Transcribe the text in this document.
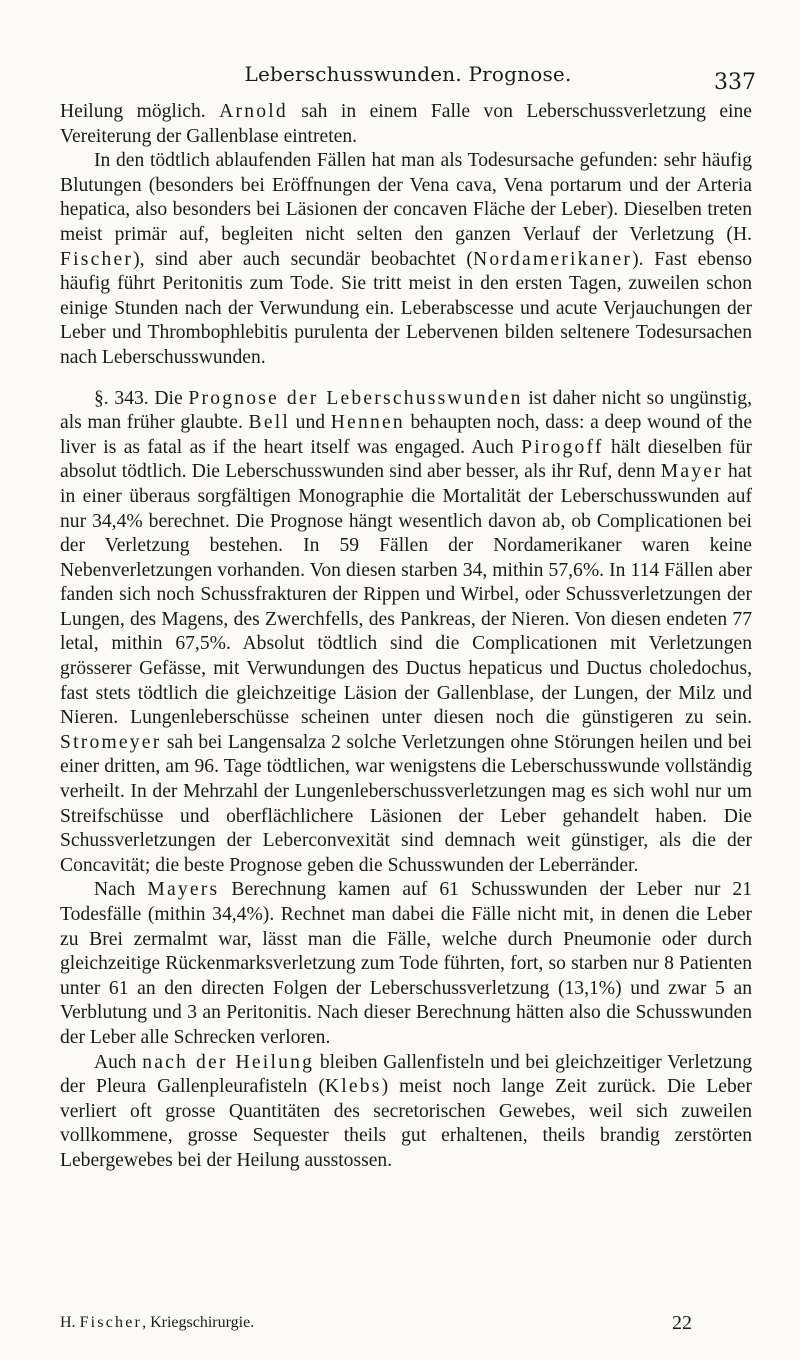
Leberschusswunden. Prognose.	337

Heilung möglich. Arnold sah in einem Falle von Leberschussverletzung eine Vereiterung der Gallenblase eintreten.

In den tödtlich ablaufenden Fällen hat man als Todesursache gefunden: sehr häufig Blutungen (besonders bei Eröffnungen der Vena cava, Vena portarum und der Arteria hepatica, also besonders bei Läsionen der concaven Fläche der Leber). Dieselben treten meist primär auf, begleiten nicht selten den ganzen Verlauf der Verletzung (H. Fischer), sind aber auch secundär beobachtet (Nordamerikaner). Fast ebenso häufig führt Peritonitis zum Tode. Sie tritt meist in den ersten Tagen, zuweilen schon einige Stunden nach der Verwundung ein. Leberabscesse und acute Verjauchungen der Leber und Thrombophlebitis purulenta der Lebervenen bilden seltenere Todesursachen nach Leberschusswunden.

§. 343. Die Prognose der Leberschusswunden ist daher nicht so ungünstig, als man früher glaubte. Bell und Hennen behaupten noch, dass: a deep wound of the liver is as fatal as if the heart itself was engaged. Auch Pirogoff hält dieselben für absolut tödtlich. Die Leberschusswunden sind aber besser, als ihr Ruf, denn Mayer hat in einer überaus sorgfältigen Monographie die Mortalität der Leberschusswunden auf nur 34,4% berechnet. Die Prognose hängt wesentlich davon ab, ob Complicationen bei der Verletzung bestehen. In 59 Fällen der Nordamerikaner waren keine Nebenverletzungen vorhanden. Von diesen starben 34, mithin 57,6%. In 114 Fällen aber fanden sich noch Schussfrakturen der Rippen und Wirbel, oder Schussverletzungen der Lungen, des Magens, des Zwerchfells, des Pankreas, der Nieren. Von diesen endeten 77 letal, mithin 67,5%. Absolut tödtlich sind die Complicationen mit Verletzungen grösserer Gefässe, mit Verwundungen des Ductus hepaticus und Ductus choledochus, fast stets tödtlich die gleichzeitige Läsion der Gallenblase, der Lungen, der Milz und Nieren. Lungenleberschüsse scheinen unter diesen noch die günstigeren zu sein. Stromeyer sah bei Langensalza 2 solche Verletzungen ohne Störungen heilen und bei einer dritten, am 96. Tage tödtlichen, war wenigstens die Leberschusswunde vollständig verheilt. In der Mehrzahl der Lungenleberschussverletzungen mag es sich wohl nur um Streifschüsse und oberflächlichere Läsionen der Leber gehandelt haben. Die Schussverletzungen der Leberconvexität sind demnach weit günstiger, als die der Concavität; die beste Prognose geben die Schusswunden der Leberränder.

Nach Mayers Berechnung kamen auf 61 Schusswunden der Leber nur 21 Todesfälle (mithin 34,4%). Rechnet man dabei die Fälle nicht mit, in denen die Leber zu Brei zermalmt war, lässt man die Fälle, welche durch Pneumonie oder durch gleichzeitige Rückenmarksverletzung zum Tode führten, fort, so starben nur 8 Patienten unter 61 an den directen Folgen der Leberschussverletzung (13,1%) und zwar 5 an Verblutung und 3 an Peritonitis. Nach dieser Berechnung hätten also die Schusswunden der Leber alle Schrecken verloren.

Auch nach der Heilung bleiben Gallenfisteln und bei gleichzeitiger Verletzung der Pleura Gallenpleurafisteln (Klebs) meist noch lange Zeit zurück. Die Leber verliert oft grosse Quantitäten des secretorischen Gewebes, weil sich zuweilen vollkommene, grosse Sequester theils gut erhaltenen, theils brandig zerstörten Lebergewebes bei der Heilung ausstossen.

H. Fischer, Kriegschirurgie.	22
